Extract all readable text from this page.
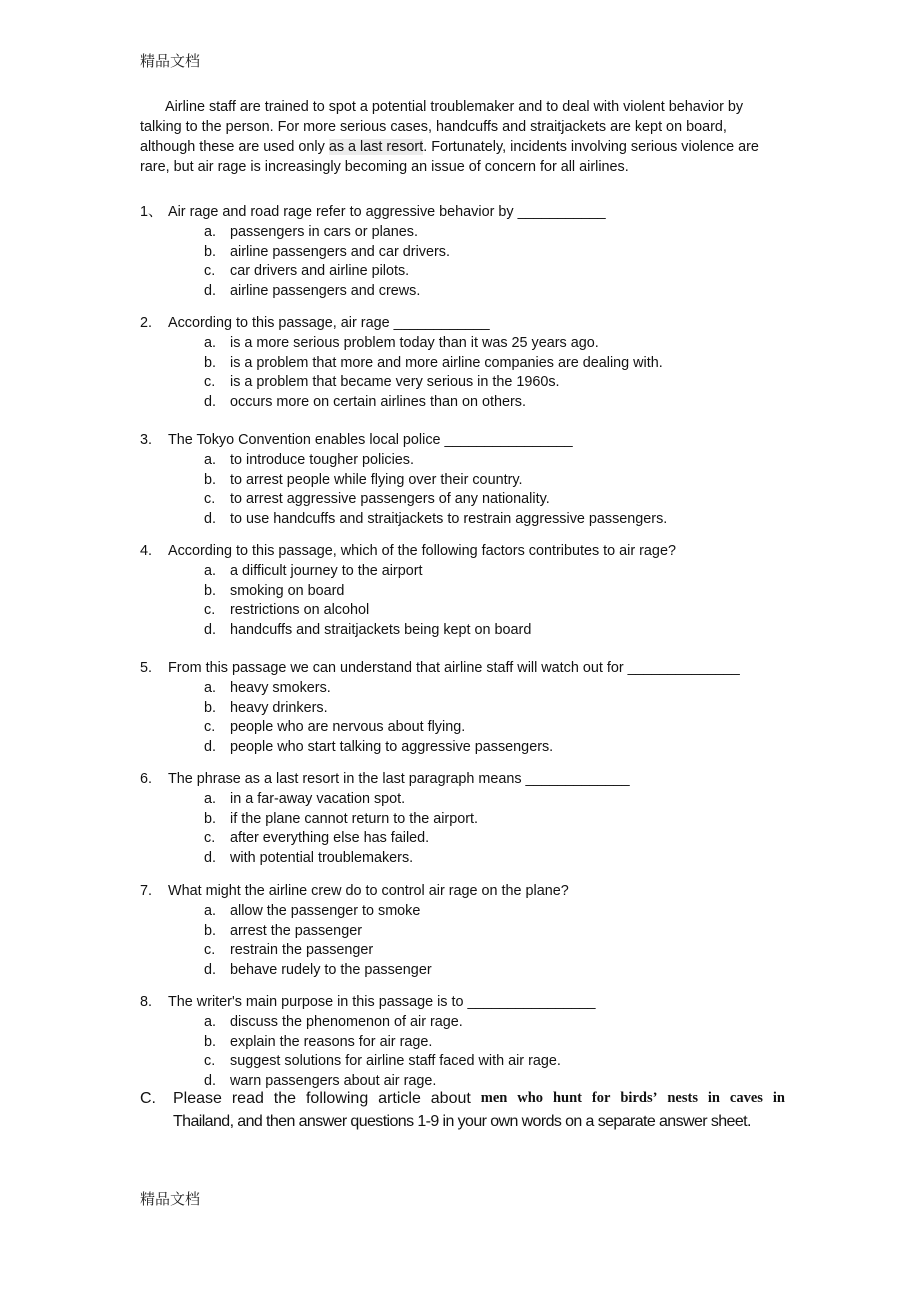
精品文档

Airline staff are trained to spot a potential troublemaker and to deal with violent behavior by talking to the person. For more serious cases, handcuffs and straitjackets are kept on board, although these are used only as a last resort. Fortunately, incidents involving serious violence are rare, but air rage is increasingly becoming an issue of concern for all airlines.

1、 Air rage and road rage refer to aggressive behavior by ___________
a. passengers in cars or planes.
b. airline passengers and car drivers.
c. car drivers and airline pilots.
d. airline passengers and crews.
2. According to this passage, air rage ____________
a. is a more serious problem today than it was 25 years ago.
b. is a problem that more and more airline companies are dealing with.
c. is a problem that became very serious in the 1960s.
d. occurs more on certain airlines than on others.
3. The Tokyo Convention enables local police ________________
a. to introduce tougher policies.
b. to arrest people while flying over their country.
c. to arrest aggressive passengers of any nationality.
d. to use handcuffs and straitjackets to restrain aggressive passengers.
4. According to this passage, which of the following factors contributes to air rage?
a. a difficult journey to the airport
b. smoking on board
c. restrictions on alcohol
d. handcuffs and straitjackets being kept on board
5. From this passage we can understand that airline staff will watch out for ______________
a. heavy smokers.
b. heavy drinkers.
c. people who are nervous about flying.
d. people who start talking to aggressive passengers.
6. The phrase as a last resort in the last paragraph means _____________
a. in a far-away vacation spot.
b. if the plane cannot return to the airport.
c. after everything else has failed.
d. with potential troublemakers.
7. What might the airline crew do to control air rage on the plane?
a. allow the passenger to smoke
b. arrest the passenger
c. restrain the passenger
d. behave rudely to the passenger
8. The writer's main purpose in this passage is to ________________
a. discuss the phenomenon of air rage.
b. explain the reasons for air rage.
c. suggest solutions for airline staff faced with air rage.
d. warn passengers about air rage.
C. Please read the following article about men who hunt for birds’ nests in caves in
Thailand, and then answer questions 1-9 in your own words on a separate answer sheet.
精品文档
